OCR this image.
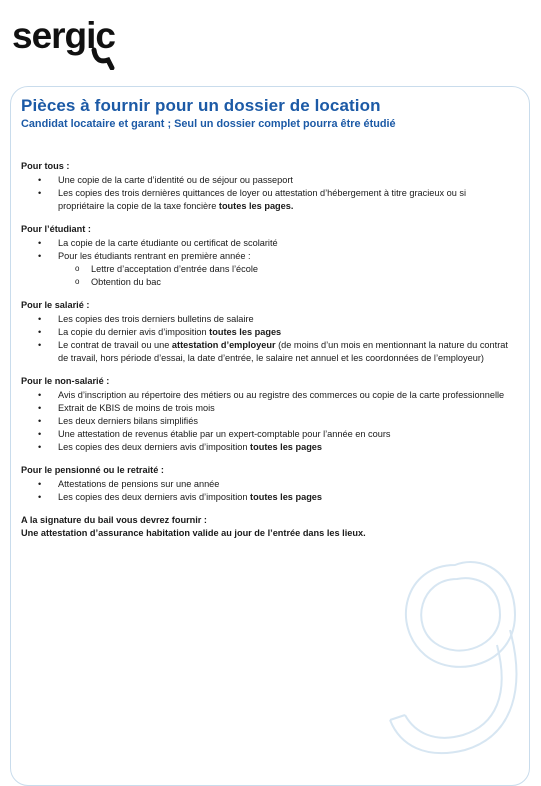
sergic
Pièces à fournir pour un dossier de location
Candidat locataire et garant ; Seul un dossier complet pourra être étudié

Pour tous :

• Une copie de la carte d’identité ou de séjour ou passeport
• Les copies des trois dernières quittances de loyer ou attestation d’hébergement à titre gracieux ou si propriétaire la copie de la taxe foncière toutes les pages.

Pour l’étudiant :

• La copie de la carte étudiante ou certificat de scolarité
• Pour les étudiants rentrant en première année :
o Lettre d’acceptation d’entrée dans l’école
o Obtention du bac

Pour le salarié :

• Les copies des trois derniers bulletins de salaire
• La copie du dernier avis d’imposition toutes les pages
• Le contrat de travail ou une attestation d’employeur (de moins d’un mois en mentionnant la nature du contrat de travail, hors période d’essai, la date d’entrée, le salaire net annuel et les coordonnées de l’employeur)

Pour le non-salarié :

• Avis d’inscription au répertoire des métiers ou au registre des commerces ou copie de la carte professionnelle
• Extrait de KBIS de moins de trois mois
• Les deux derniers bilans simplifiés
• Une attestation de revenus établie par un expert-comptable pour l’année en cours
• Les copies des deux derniers avis d’imposition toutes les pages

Pour le pensionné ou le retraité :

• Attestations de pensions sur une année
• Les copies des deux derniers avis d’imposition toutes les pages

A la signature du bail vous devrez fournir :

Une attestation d’assurance habitation valide au jour de l’entrée dans les lieux.
